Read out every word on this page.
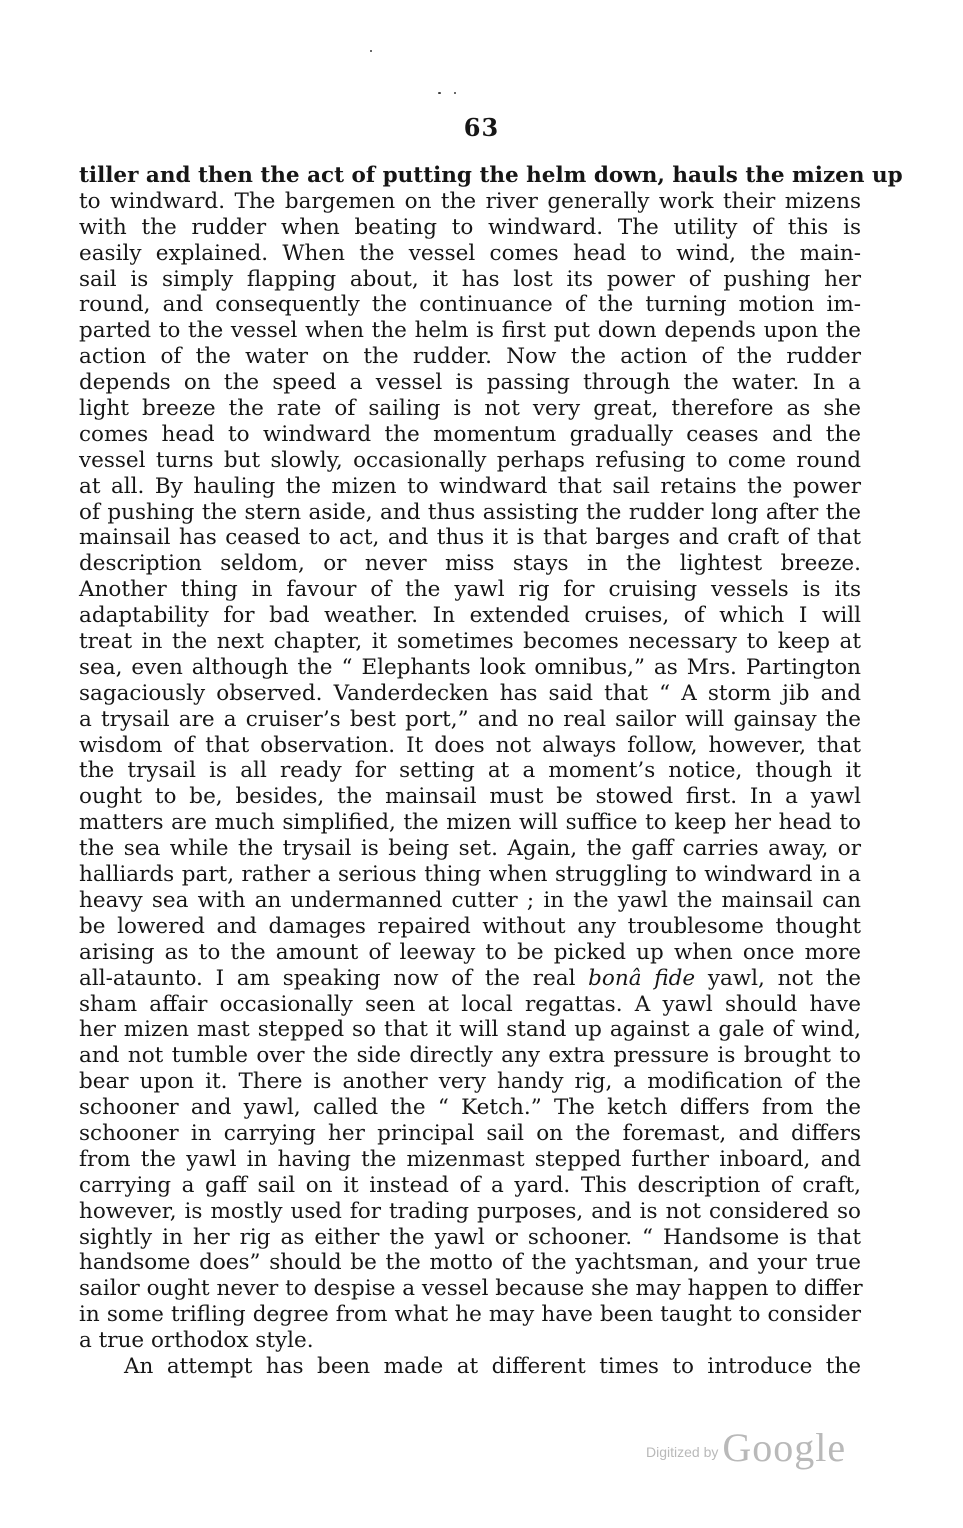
63
tiller and then the act of putting the helm down, hauls the mizen up
to windward. The bargemen on the river generally work their mizens
with the rudder when beating to windward. The utility of this is
easily explained. When the vessel comes head to wind, the main-
sail is simply flapping about, it has lost its power of pushing her
round, and consequently the continuance of the turning motion im-
parted to the vessel when the helm is first put down depends upon the
action of the water on the rudder. Now the action of the rudder
depends on the speed a vessel is passing through the water. In a
light breeze the rate of sailing is not very great, therefore as she
comes head to windward the momentum gradually ceases and the
vessel turns but slowly, occasionally perhaps refusing to come round
at all. By hauling the mizen to windward that sail retains the power
of pushing the stern aside, and thus assisting the rudder long after the
mainsail has ceased to act, and thus it is that barges and craft of that
description seldom, or never miss stays in the lightest breeze.
Another thing in favour of the yawl rig for cruising vessels is its
adaptability for bad weather. In extended cruises, of which I will
treat in the next chapter, it sometimes becomes necessary to keep at
sea, even although the “ Elephants look omnibus,” as Mrs. Partington
sagaciously observed. Vanderdecken has said that “ A storm jib and
a trysail are a cruiser’s best port,” and no real sailor will gainsay the
wisdom of that observation. It does not always follow, however, that
the trysail is all ready for setting at a moment’s notice, though it
ought to be, besides, the mainsail must be stowed first. In a yawl
matters are much simplified, the mizen will suffice to keep her head to
the sea while the trysail is being set. Again, the gaff carries away, or
halliards part, rather a serious thing when struggling to windward in a
heavy sea with an undermanned cutter ; in the yawl the mainsail can
be lowered and damages repaired without any troublesome thought
arising as to the amount of leeway to be picked up when once more
all-ataunto. I am speaking now of the real bonâ fide yawl, not the
sham affair occasionally seen at local regattas. A yawl should have
her mizen mast stepped so that it will stand up against a gale of wind,
and not tumble over the side directly any extra pressure is brought to
bear upon it. There is another very handy rig, a modification of the
schooner and yawl, called the “ Ketch.” The ketch differs from the
schooner in carrying her principal sail on the foremast, and differs
from the yawl in having the mizenmast stepped further inboard, and
carrying a gaff sail on it instead of a yard. This description of craft,
however, is mostly used for trading purposes, and is not considered so
sightly in her rig as either the yawl or schooner. “ Handsome is that
handsome does” should be the motto of the yachtsman, and your true
sailor ought never to despise a vessel because she may happen to differ
in some trifling degree from what he may have been taught to consider
a true orthodox style.
An attempt has been made at different times to introduce the
Digitized by Google
